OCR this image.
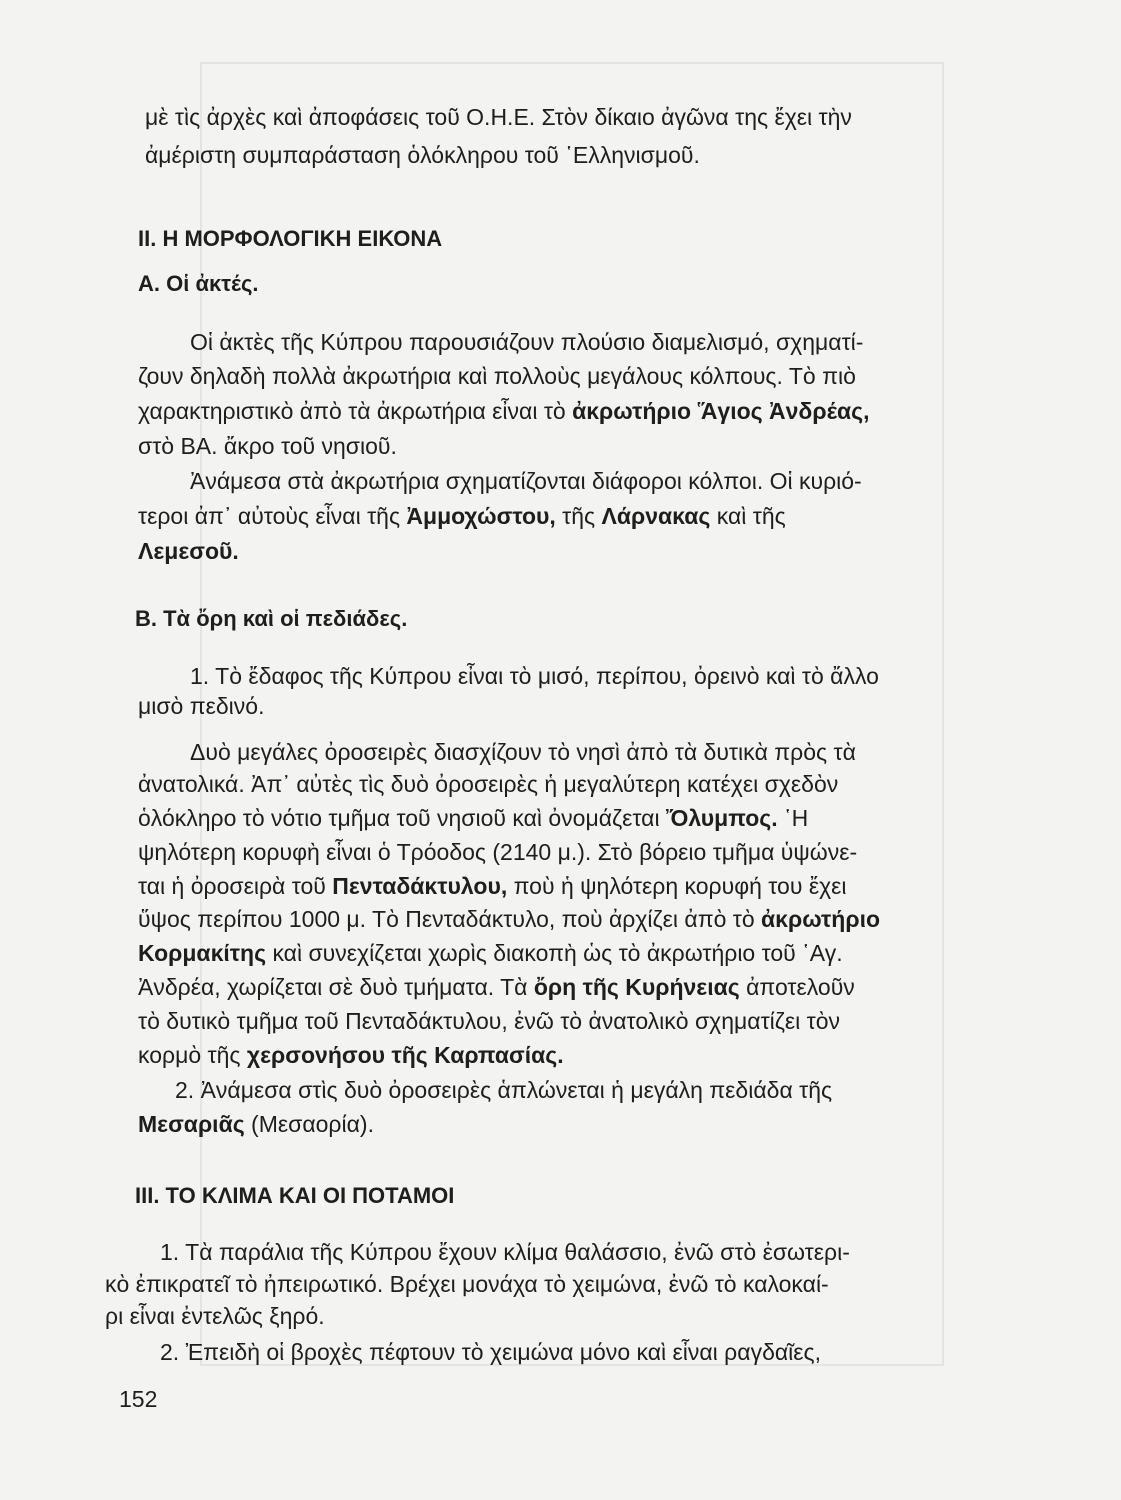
μὲ τὶς ἀρχὲς καὶ ἀποφάσεις τοῦ Ο.Η.Ε. Στὸν δίκαιο ἀγῶνα της ἔχει τὴν
ἀμέριστη συμπαράσταση ὁλόκληρου τοῦ ῾Ελληνισμοῦ.
II. Η ΜΟΡΦΟΛΟΓΙΚΗ ΕΙΚΟΝΑ
Α. Οἱ ἀκτές.
Οἱ ἀκτὲς τῆς Κύπρου παρουσιάζουν πλούσιο διαμελισμό, σχηματί-
ζουν δηλαδὴ πολλὰ ἀκρωτήρια καὶ πολλοὺς μεγάλους κόλπους. Τὸ πιὸ
χαρακτηριστικὸ ἀπὸ τὰ ἀκρωτήρια εἶναι τὸ ἀκρωτήριο Ἅγιος Ἀνδρέας,
στὸ ΒΑ. ἄκρο τοῦ νησιοῦ.
Ἀνάμεσα στὰ ἀκρωτήρια σχηματίζονται διάφοροι κόλποι. Οἱ κυριό-
τεροι ἀπ᾿ αὐτοὺς εἶναι τῆς Ἀμμοχώστου, τῆς Λάρνακας καὶ τῆς
Λεμεσοῦ.
Β. Τὰ ὄρη καὶ οἱ πεδιάδες.
1. Τὸ ἔδαφος τῆς Κύπρου εἶναι τὸ μισό, περίπου, ὀρεινὸ καὶ τὸ ἄλλο
μισὸ πεδινό.
Δυὸ μεγάλες ὀροσειρὲς διασχίζουν τὸ νησὶ ἀπὸ τὰ δυτικὰ πρὸς τὰ
ἀνατολικά. Ἀπ᾿ αὐτὲς τὶς δυὸ ὀροσειρὲς ἡ μεγαλύτερη κατέχει σχεδὸν
ὁλόκληρο τὸ νότιο τμῆμα τοῦ νησιοῦ καὶ ὀνομάζεται Ὄλυμπος. ῾Η
ψηλότερη κορυφὴ εἶναι ὁ Τρόοδος (2140 μ.). Στὸ βόρειο τμῆμα ὑψώνε-
ται ἡ ὀροσειρὰ τοῦ Πενταδάκτυλου, ποὺ ἡ ψηλότερη κορυφή του ἔχει
ὕψος περίπου 1000 μ. Τὸ Πενταδάκτυλο, ποὺ ἀρχίζει ἀπὸ τὸ ἀκρωτήριο
Κορμακίτης καὶ συνεχίζεται χωρὶς διακοπὴ ὡς τὸ ἀκρωτήριο τοῦ ῾Αγ.
Ἀνδρέα, χωρίζεται σὲ δυὸ τμήματα. Τὰ ὄρη τῆς Κυρήνειας ἀποτελοῦν
τὸ δυτικὸ τμῆμα τοῦ Πενταδάκτυλου, ἐνῶ τὸ ἀνατολικὸ σχηματίζει τὸν
κορμὸ τῆς χερσονήσου τῆς Καρπασίας.
2. Ἀνάμεσα στὶς δυὸ ὀροσειρὲς ἁπλώνεται ἡ μεγάλη πεδιάδα τῆς
Μεσαριᾶς (Μεσαορία).
III. ΤΟ ΚΛΙΜΑ ΚΑΙ ΟΙ ΠΟΤΑΜΟΙ
1. Τὰ παράλια τῆς Κύπρου ἔχουν κλίμα θαλάσσιο, ἐνῶ στὸ ἐσωτερι-
κὸ ἐπικρατεῖ τὸ ἠπειρωτικό. Βρέχει μονάχα τὸ χειμώνα, ἐνῶ τὸ καλοκαί-
ρι εἶναι ἐντελῶς ξηρό.
2. Ἐπειδὴ οἱ βροχὲς πέφτουν τὸ χειμώνα μόνο καὶ εἶναι ραγδαῖες,
152
